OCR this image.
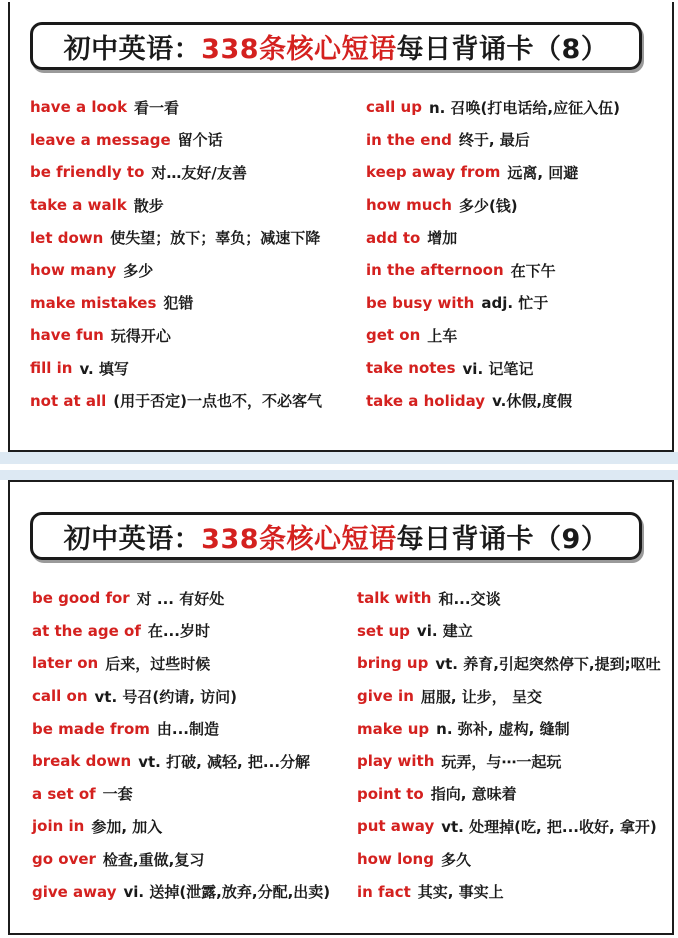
初中英语： 338条核心短语 每日背诵卡（8）
have a look 看一看
leave a message 留个话
be friendly to 对…友好/友善
take a walk 散步
let down 使失望；放下；辜负；减速下降
how many 多少
make mistakes 犯错
have fun 玩得开心
fill in v. 填写
not at all (用于否定)一点也不，不必客气
call up n. 召唤(打电话给,应征入伍)
in the end 终于, 最后
keep away from 远离, 回避
how much 多少(钱)
add to 增加
in the afternoon 在下午
be busy with adj. 忙于
get on 上车
take notes vi. 记笔记
take a holiday v.休假,度假
初中英语： 338条核心短语 每日背诵卡（9）
be good for 对 ... 有好处
at the age of 在...岁时
later on 后来，过些时候
call on vt. 号召(约请, 访问)
be made from 由...制造
break down vt. 打破, 减轻, 把...分解
a set of 一套
join in 参加, 加入
go over 检查,重做,复习
give away vi. 送掉(泄露,放弃,分配,出卖)
talk with 和...交谈
set up vi. 建立
bring up vt. 养育,引起突然停下,提到;呕吐
give in 屈服, 让步， 呈交
make up n. 弥补, 虚构, 缝制
play with 玩弄，与⋯一起玩
point to 指向, 意味着
put away vt. 处理掉(吃, 把...收好, 拿开)
how long 多久
in fact 其实, 事实上
